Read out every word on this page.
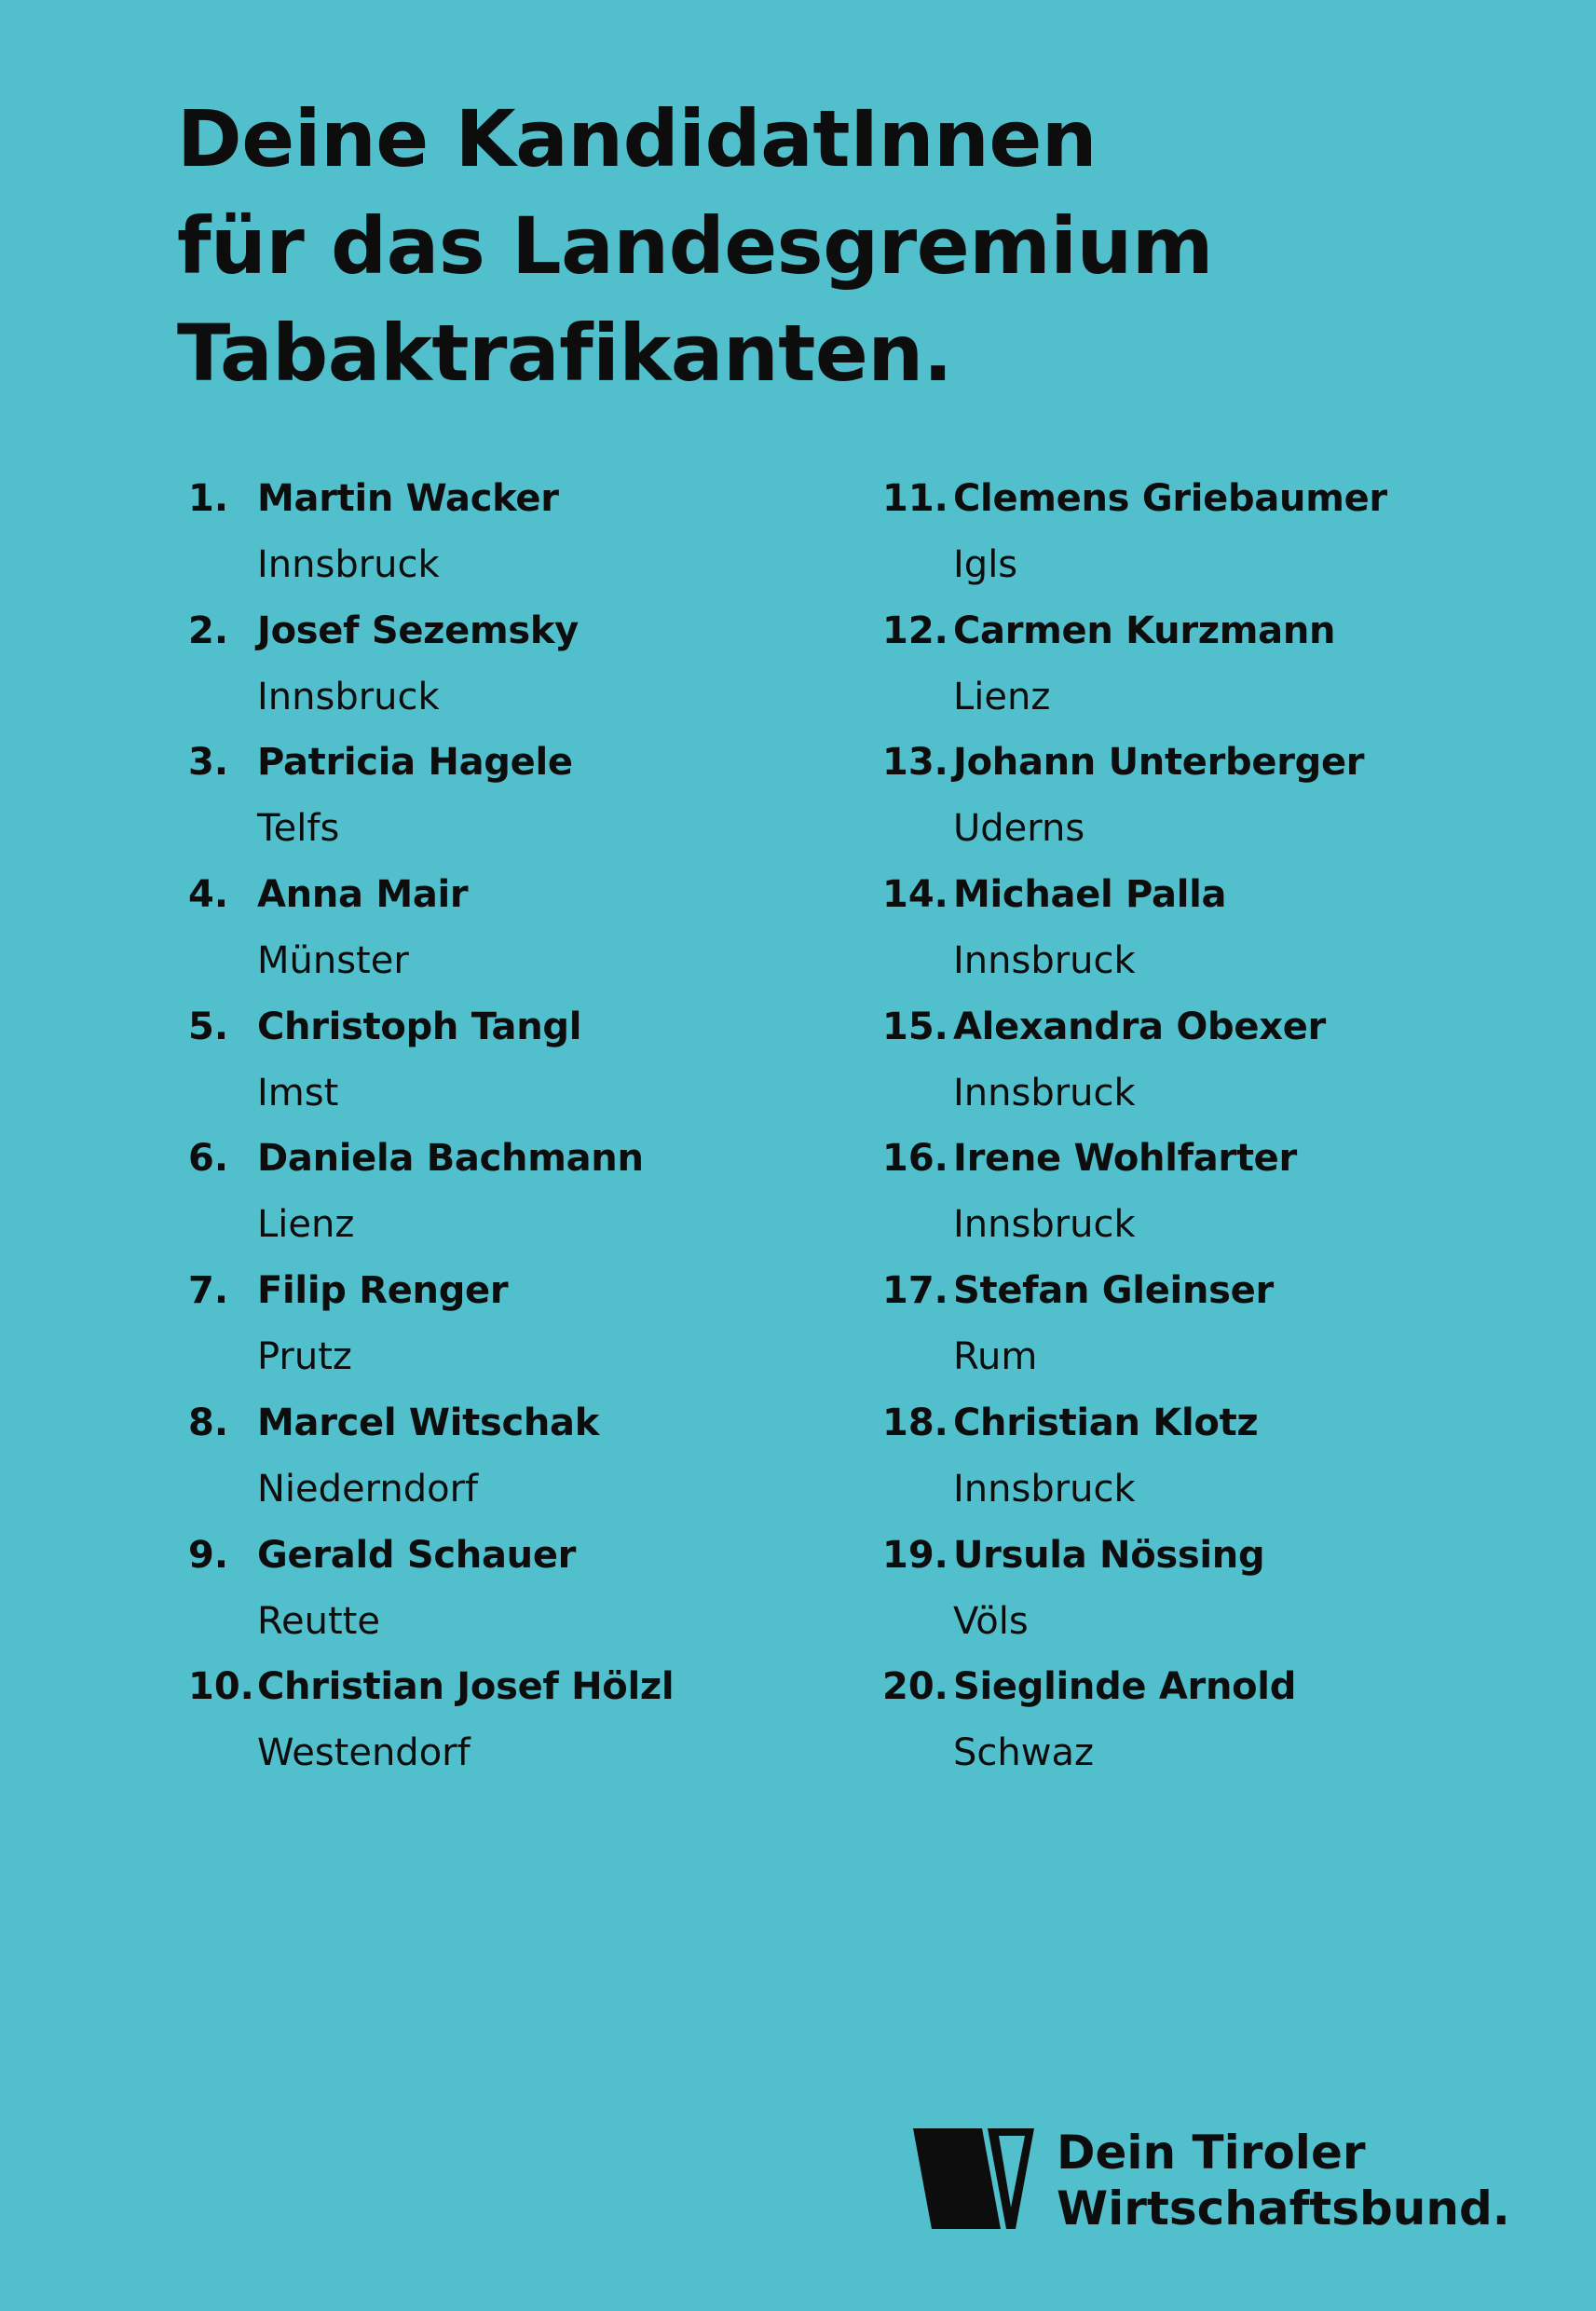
Deine KandidatInnen
für das Landesgremium
Tabaktrafikanten.
1. Martin Wacker
Innsbruck
2. Josef Sezemsky
Innsbruck
3. Patricia Hagele
Telfs
4. Anna Mair
Münster
5. Christoph Tangl
Imst
6. Daniela Bachmann
Lienz
7. Filip Renger
Prutz
8. Marcel Witschak
Niederndorf
9. Gerald Schauer
Reutte
10. Christian Josef Hölzl
Westendorf
11. Clemens Griebaumer
Igls
12. Carmen Kurzmann
Lienz
13. Johann Unterberger
Uderns
14. Michael Palla
Innsbruck
15. Alexandra Obexer
Innsbruck
16. Irene Wohlfarter
Innsbruck
17. Stefan Gleinser
Rum
18. Christian Klotz
Innsbruck
19. Ursula Nössing
Völs
20. Sieglinde Arnold
Schwaz
Dein Tiroler
Wirtschaftsbund.
